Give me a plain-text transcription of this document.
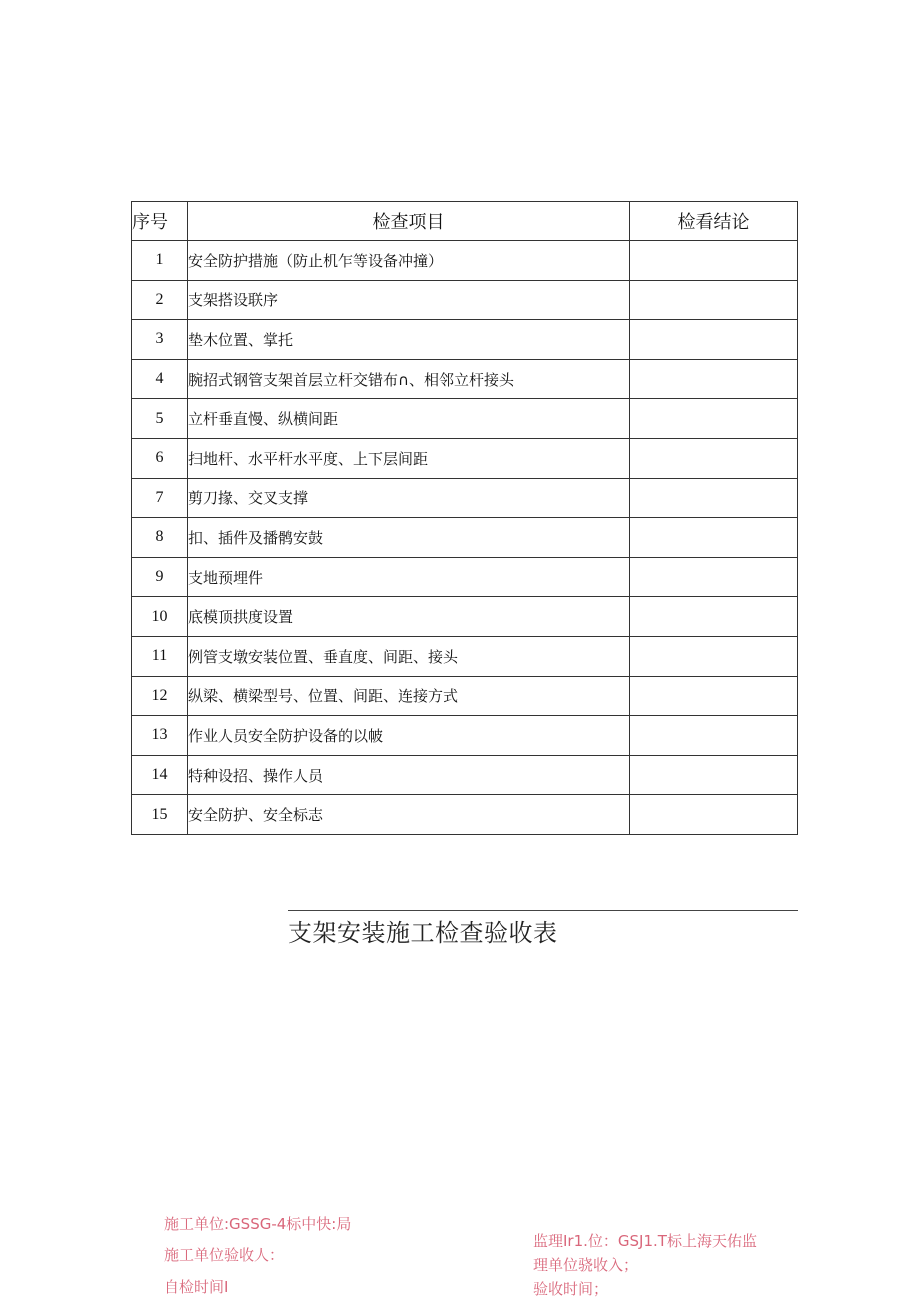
序号	检查项目	检看结论
1	安全防护措施（防止机乍等设备冲撞）	
2	支架搭设联序	
3	垫木位置、掌托	
4	腕招式钢管支架首层立杆交错布∩、相邻立杆接头	
5	立杆垂直慢、纵横间距	
6	扫地杆、水平杆水平度、上下层间距	
7	剪刀掾、交叉支撑	
8	扣、插件及播鹘安鼓	
9	支地预埋件	
10	底模顶拱度设置	
11	例管支墩安装位置、垂直度、间距、接头	
12	纵梁、横梁型号、位置、间距、连接方式	
13	作业人员安全防护设备的以帔	
14	特种设招、操作人员	
15	安全防护、安全标志	
支架安装施工检查验收表
施工单位:GSSG-4标中快:局
施工单位验收人：
自检时间I
监理Ir1.位：GSJ1.T标上海天佑监
理单位骁收入；
验收时间；
